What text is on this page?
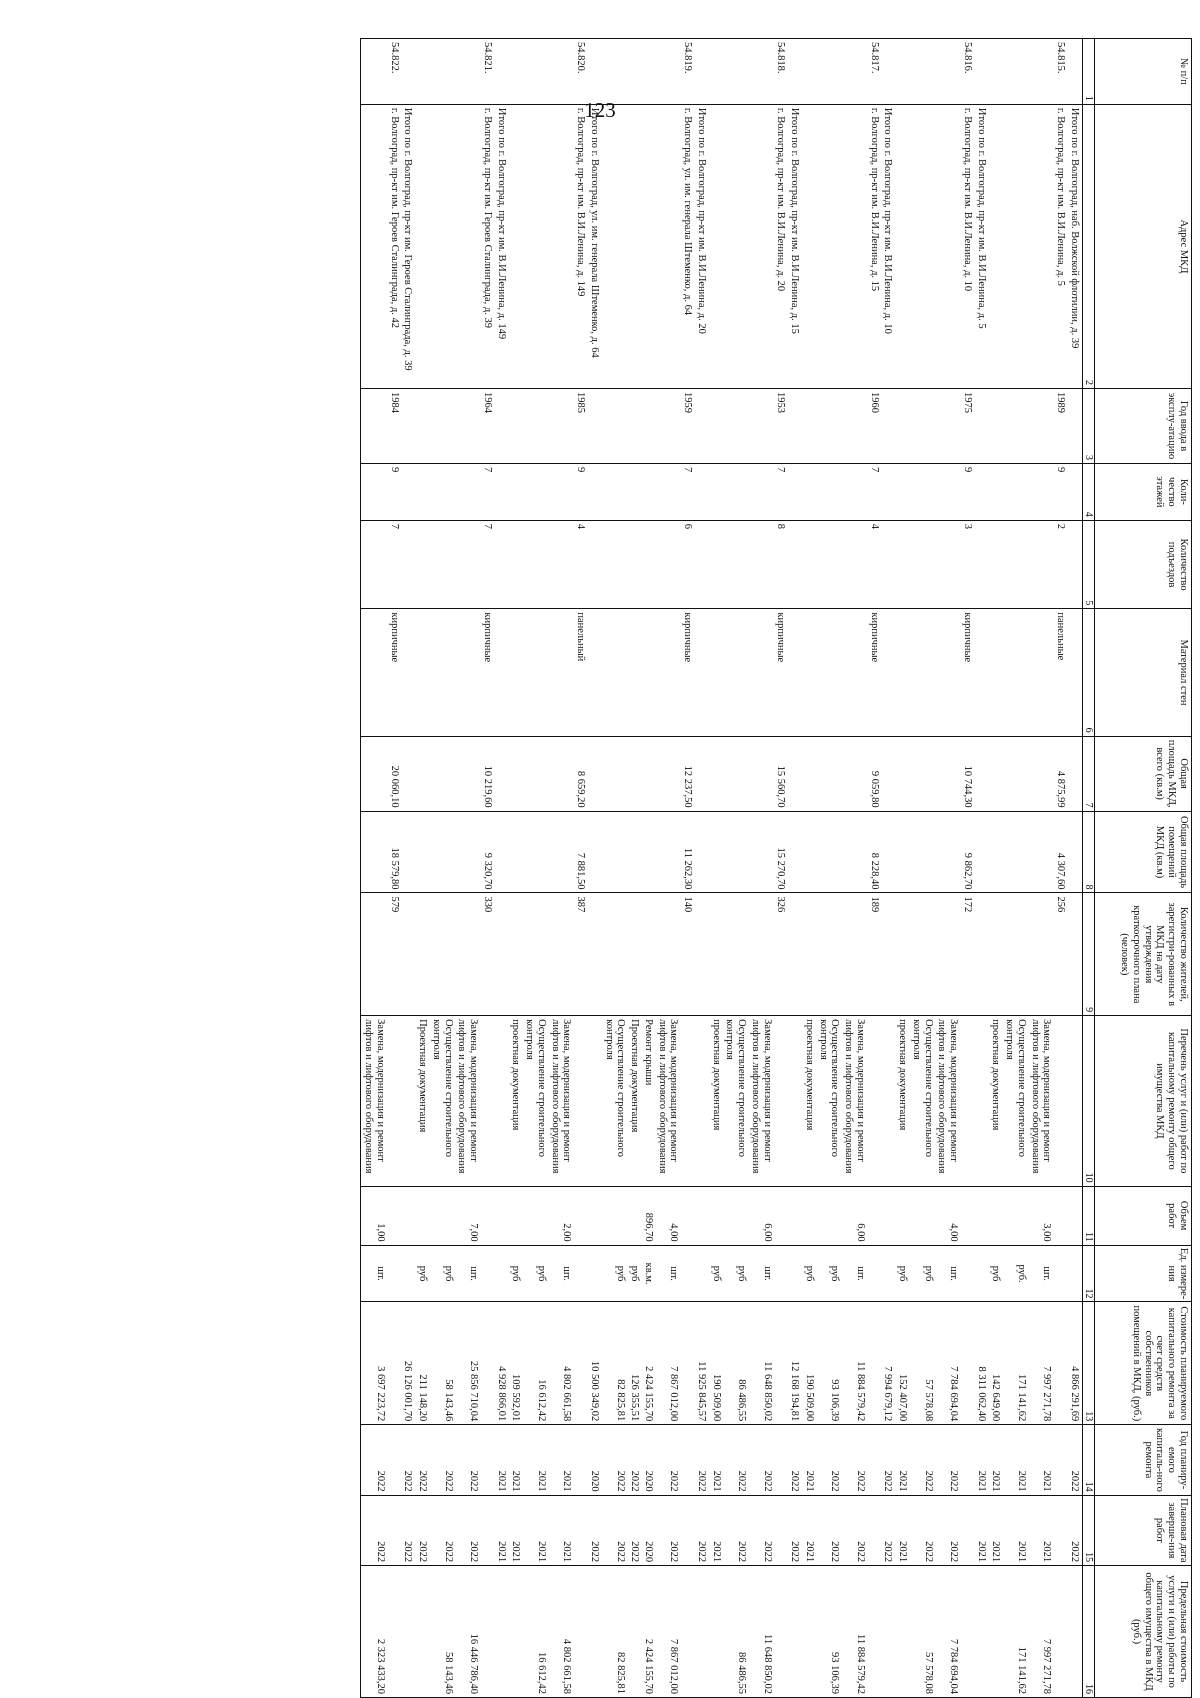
123
№ п/п	Адрес МКД	Год ввода в эксплу-атацию	Коли-чество этажей	Количество подъездов	Материал стен	Общая площадь МКД, всего (кв.м)	Общая площадь помещений МКД (кв.м)	Количество жителей, зарегистри-рованных в МКД на дату утверждения краткосрочного плана (человек)	Перечень услуг и (или) работ по капитальному ремонту общего имущества МКД	Объем работ	Ед. измере-ния	Стоимость планируемого капитального ремонта за счет средств собственников помещений в МКД, (руб.)	Год планиру-емого капиталь-ного ремонта	Плановая дата заверше-ния работ	Предельная стоимость услуги и (или) работы по капитальному ремонту общего имущества в МКД (руб.)
1	2	3	4	5	6	7	8	9	10	11	12	13	14	15	16
	Итого по г. Волгоград, наб. Волжской флотилии, д. 39											4 866 291,69	2022	2022	
54.815.	г. Волгоград, пр-кт им. В.И.Ленина, д. 5	1989	9	2	панельные	4 875,99	4 307,60	256							
									Замена, модернизация и ремонт лифтов и лифтового оборудования	3,00	шт.	7 997 271,78	2021	2021	7 997 271,78
									Осуществление строительного контроля		руб.	171 141,62	2021	2021	171 141,62
									проектная документация		руб	142 649,00	2021	2021	
	Итого по г. Волгоград, пр-кт им. В.И.Ленина, д. 5											8 311 062,40	2021	2021	
54.816.	г. Волгоград, пр-кт им. В.И.Ленина, д. 10	1975	9	3	кирпичные	10 744,30	9 862,70	172							
									Замена, модернизация и ремонт лифтов и лифтового оборудования	4,00	шт.	7 784 694,04	2022	2022	7 784 694,04
									Осуществление строительного контроля		руб	57 578,08	2022	2022	57 578,08
									проектная документация		руб	152 407,00	2021	2021	
	Итого по г. Волгоград, пр-кт им. В.И.Ленина, д. 10											7 994 679,12	2022	2022	
54.817.	г. Волгоград, пр-кт им. В.И.Ленина, д. 15	1960	7	4	кирпичные	9 059,80	8 228,40	189							
									Замена, модернизация и ремонт лифтов и лифтового оборудования	6,00	шт.	11 884 579,42	2022	2022	11 884 579,42
									Осуществление строительного контроля		руб	93 106,39	2022	2022	93 106,39
									проектная документация		руб	190 509,00	2021	2021	
	Итого по г. Волгоград, пр-кт им. В.И.Ленина, д. 15											12 168 194,81	2022	2022	
54.818.	г. Волгоград, пр-кт им. В.И.Ленина, д. 20	1953	7	8	кирпичные	15 560,70	15 270,70	326							
									Замена, модернизация и ремонт лифтов и лифтового оборудования	6,00	шт.	11 648 850,02	2022	2022	11 648 850,02
									Осуществление строительного контроля		руб	86 486,55	2022	2022	86 486,55
									проектная документация		руб	190 509,00	2021	2021	
	Итого по г. Волгоград, пр-кт им. В.И.Ленина, д. 20											11 925 845,57	2022	2022	
54.819.	г. Волгоград, ул. им. генерала Штеменко, д. 64	1959	7	6	кирпичные	12 237,50	11 262,30	140							
									Замена, модернизация и ремонт лифтов и лифтового оборудования	4,00	шт.	7 867 012,00	2022	2022	7 867 012,00
									Ремонт крыши	896,70	кв.м.	2 424 155,70	2020	2020	2 424 155,70
									Проектная документация		руб	126 355,51	2022	2022	
									Осуществление строительного контроля		руб	82 825,81	2022	2022	82 825,81
	Итого по г. Волгоград, ул. им. генерала Штеменко, д. 64											10 500 349,02	2020	2022	
54.820.	г. Волгоград, пр-кт им. В.И.Ленина, д. 149	1985	9	4	панельный	8 659,20	7 881,50	387							
									Замена, модернизация и ремонт лифтов и лифтового оборудования	2,00	шт.	4 802 661,58	2021	2021	4 802 661,58
									Осуществление строительного контроля		руб	16 612,42	2021	2021	16 612,42
									проектная документация		руб	109 592,01	2021	2021	
	Итого по г. Волгоград, пр-кт им. В.И.Ленина, д. 149											4 928 866,01	2021	2021	
54.821.	г. Волгоград, пр-кт им. Героев Сталинграда, д. 39	1964	7	7	кирпичные	10 219,60	9 320,70	330							
									Замена, модернизация и ремонт лифтов и лифтового оборудования	7,00	шт.	25 856 710,04	2022	2022	16 446 786,40
									Осуществление строительного контроля		руб	58 143,46	2022	2022	58 143,46
									Проектная документация		руб	211 148,20	2022	2022	
	Итого по г. Волгоград, пр-кт им. Героев Сталинграда, д. 39											26 126 001,70	2022	2022	
54.822.	г. Волгоград, пр-кт им. Героев Сталинграда, д. 42	1984	9	7	кирпичные	20 060,10	18 579,80	579							
									Замена, модернизация и ремонт лифтов и лифтового оборудования	1,00	шт.	3 697 223,72	2022	2022	2 323 433,20
